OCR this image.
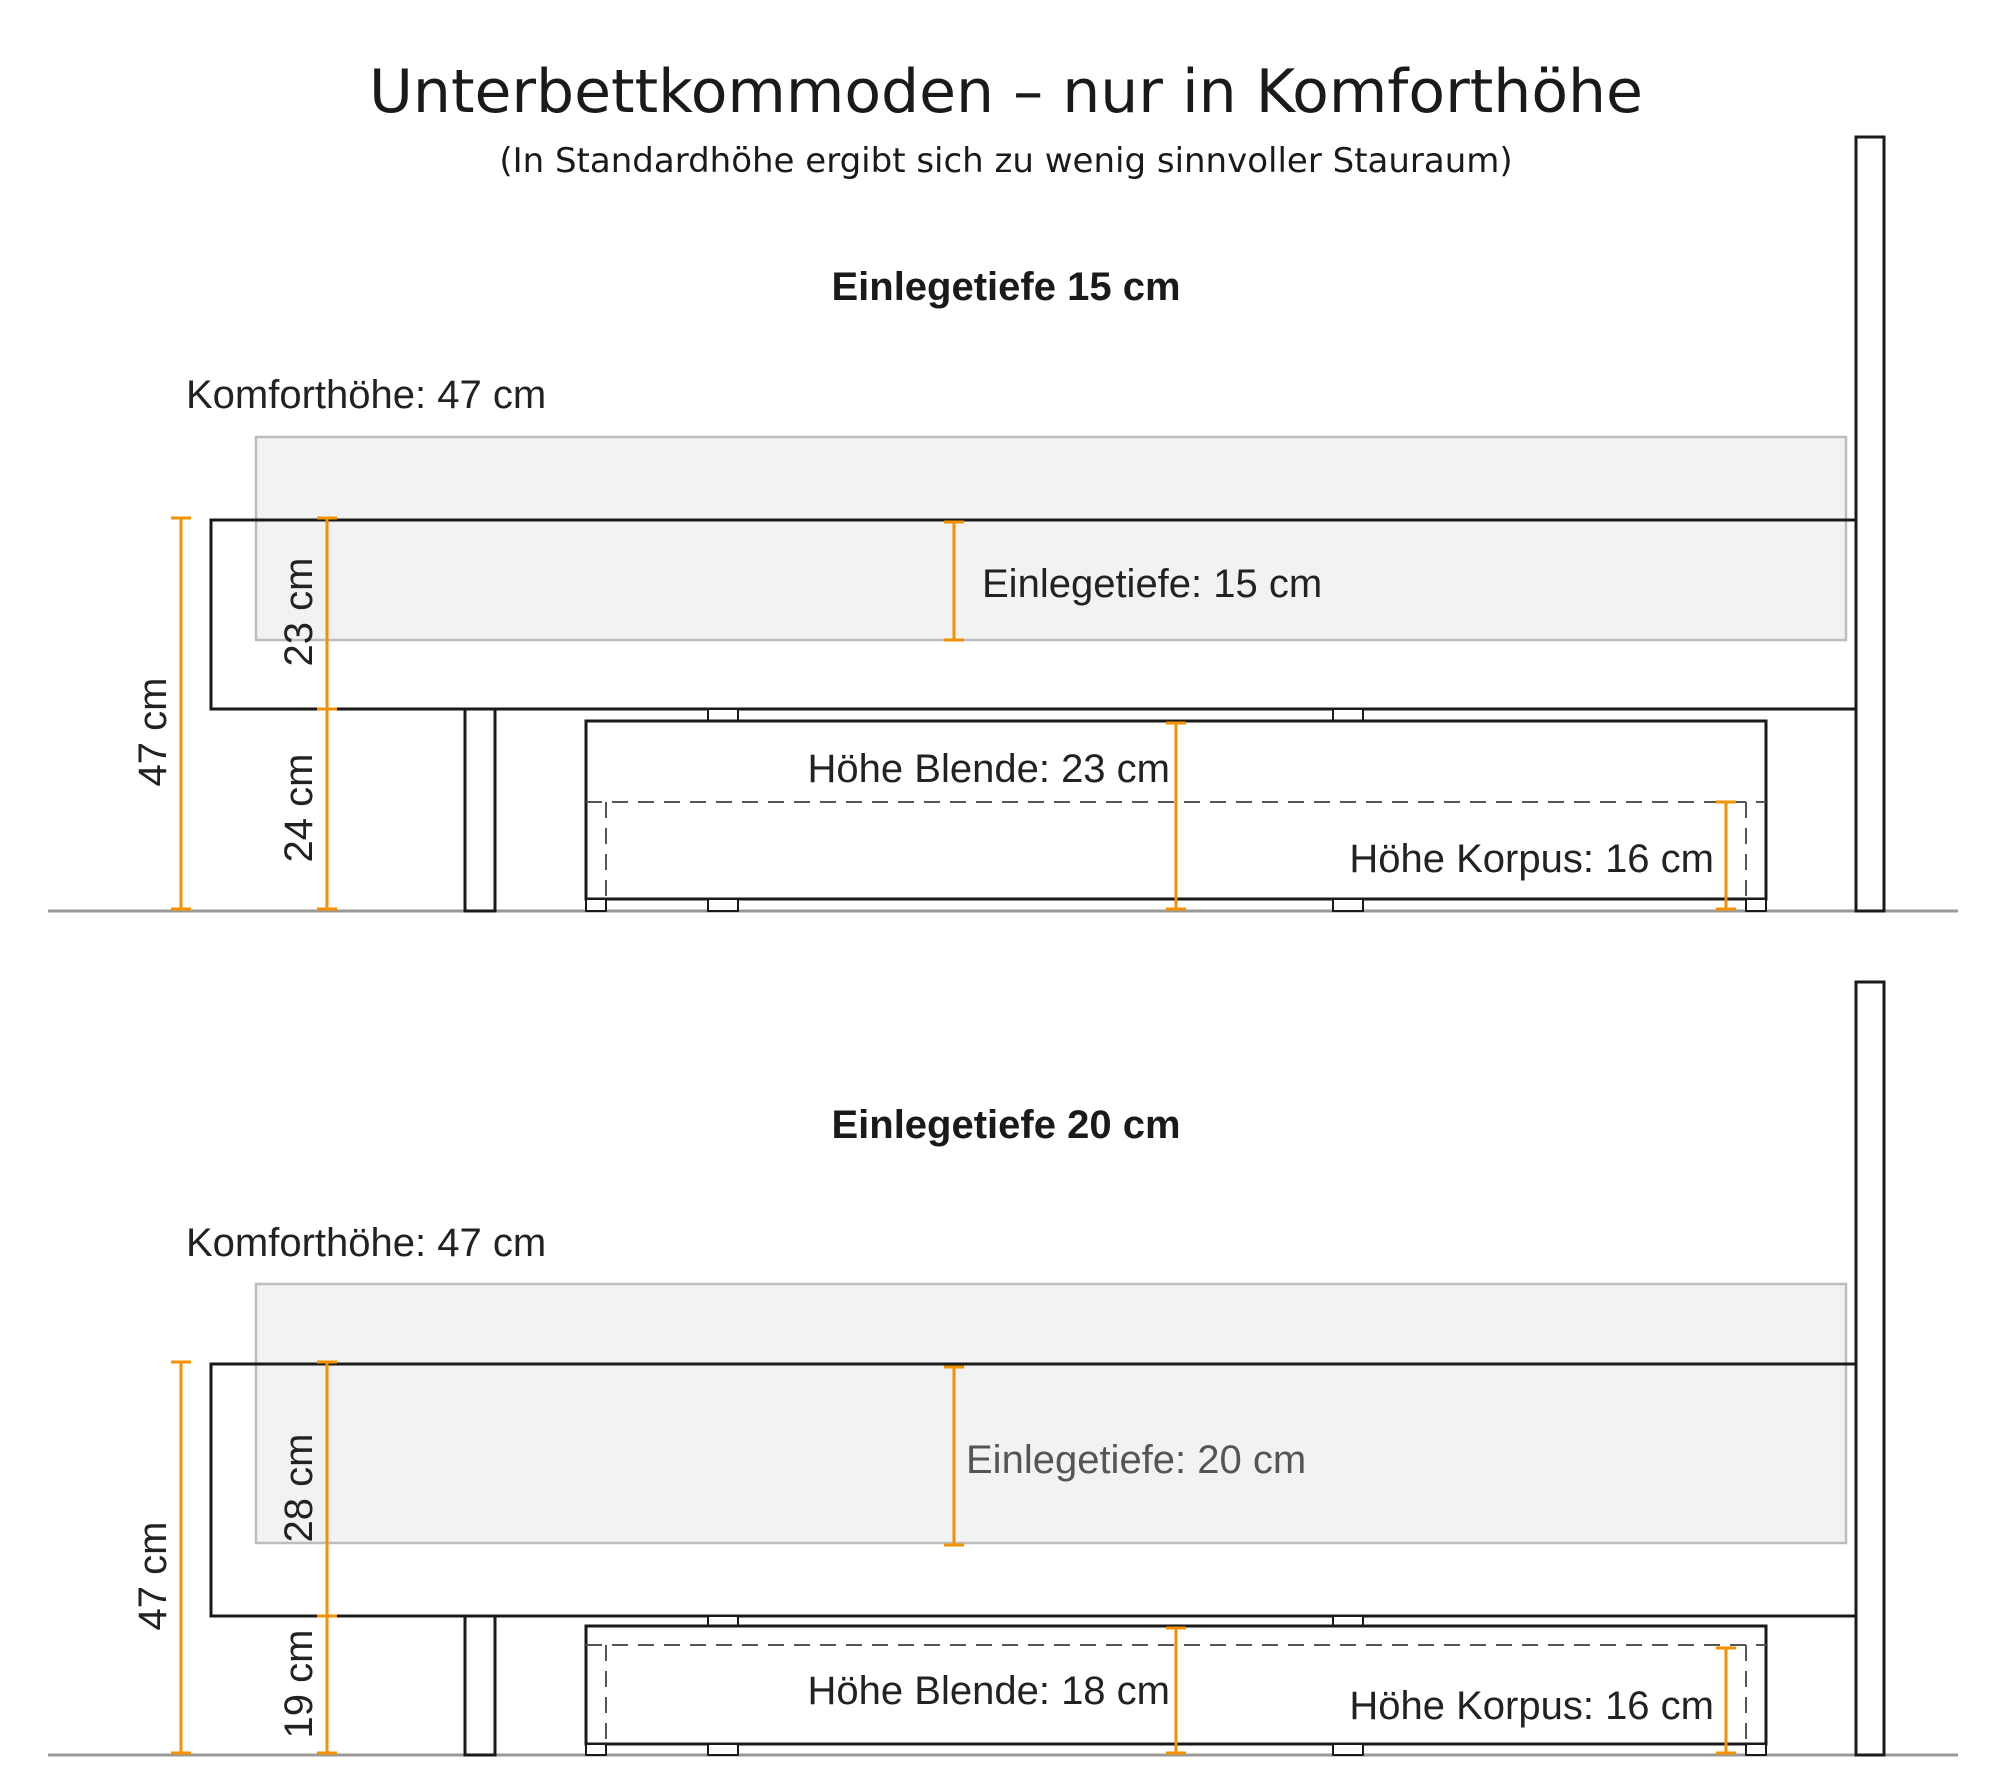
Unterbettkommoden – nur in Komforthöhe
(In Standardhöhe ergibt sich zu wenig sinnvoller Stauraum)
Einlegetiefe 15 cm
Komforthöhe: 47 cm
47 cm
23 cm
24 cm
Einlegetiefe: 15 cm
Höhe Blende: 23 cm
Höhe Korpus: 16 cm
Einlegetiefe 20 cm
Komforthöhe: 47 cm
47 cm
28 cm
19 cm
Einlegetiefe: 20 cm
Höhe Blende: 18 cm	Höhe Korpus: 16 cm
